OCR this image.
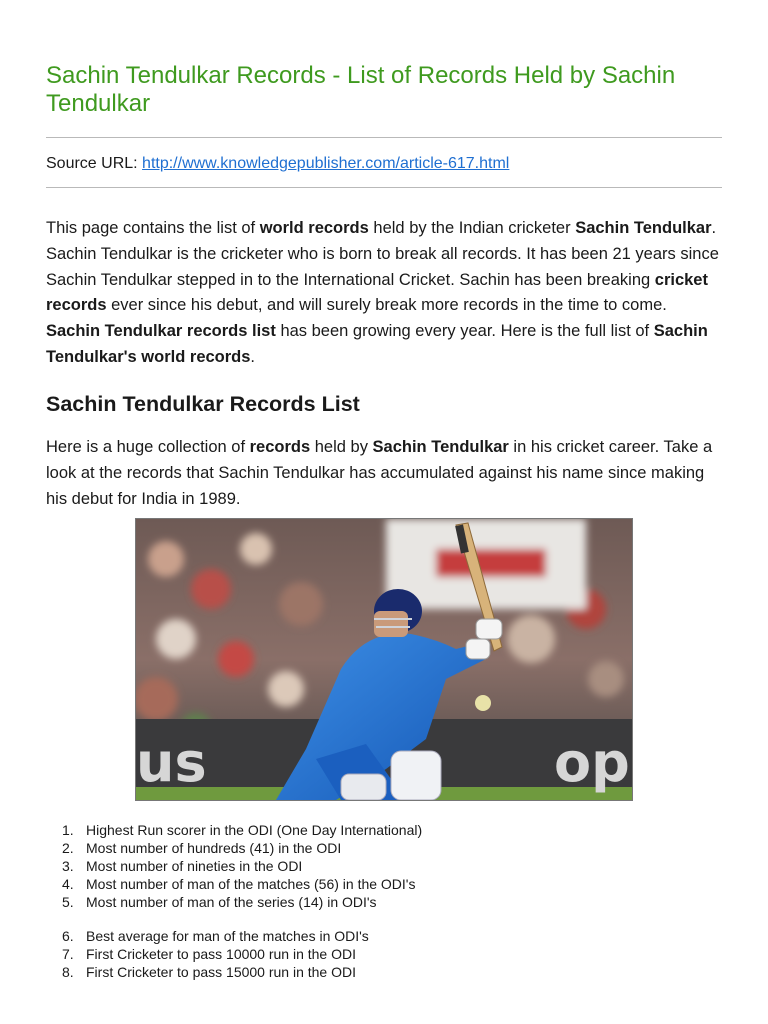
Sachin Tendulkar Records - List of Records Held by Sachin Tendulkar
Source URL: http://www.knowledgepublisher.com/article-617.html

This page contains the list of world records held by the Indian cricketer Sachin Tendulkar. Sachin Tendulkar is the cricketer who is born to break all records. It has been 21 years since Sachin Tendulkar stepped in to the International Cricket. Sachin has been breaking cricket records ever since his debut, and will surely break more records in the time to come. Sachin Tendulkar records list has been growing every year. Here is the full list of Sachin Tendulkar's world records.

Sachin Tendulkar Records List

Here is a huge collection of records held by Sachin Tendulkar in his cricket career. Take a look at the records that Sachin Tendulkar has accumulated against his name since making his debut for India in 1989.

us	op
1. Highest Run scorer in the ODI (One Day International)
2. Most number of hundreds (41) in the ODI
3. Most number of nineties in the ODI
4. Most number of man of the matches (56) in the ODI's
5. Most number of man of the series (14) in ODI's
6. Best average for man of the matches in ODI's
7. First Cricketer to pass 10000 run in the ODI
8. First Cricketer to pass 15000 run in the ODI
